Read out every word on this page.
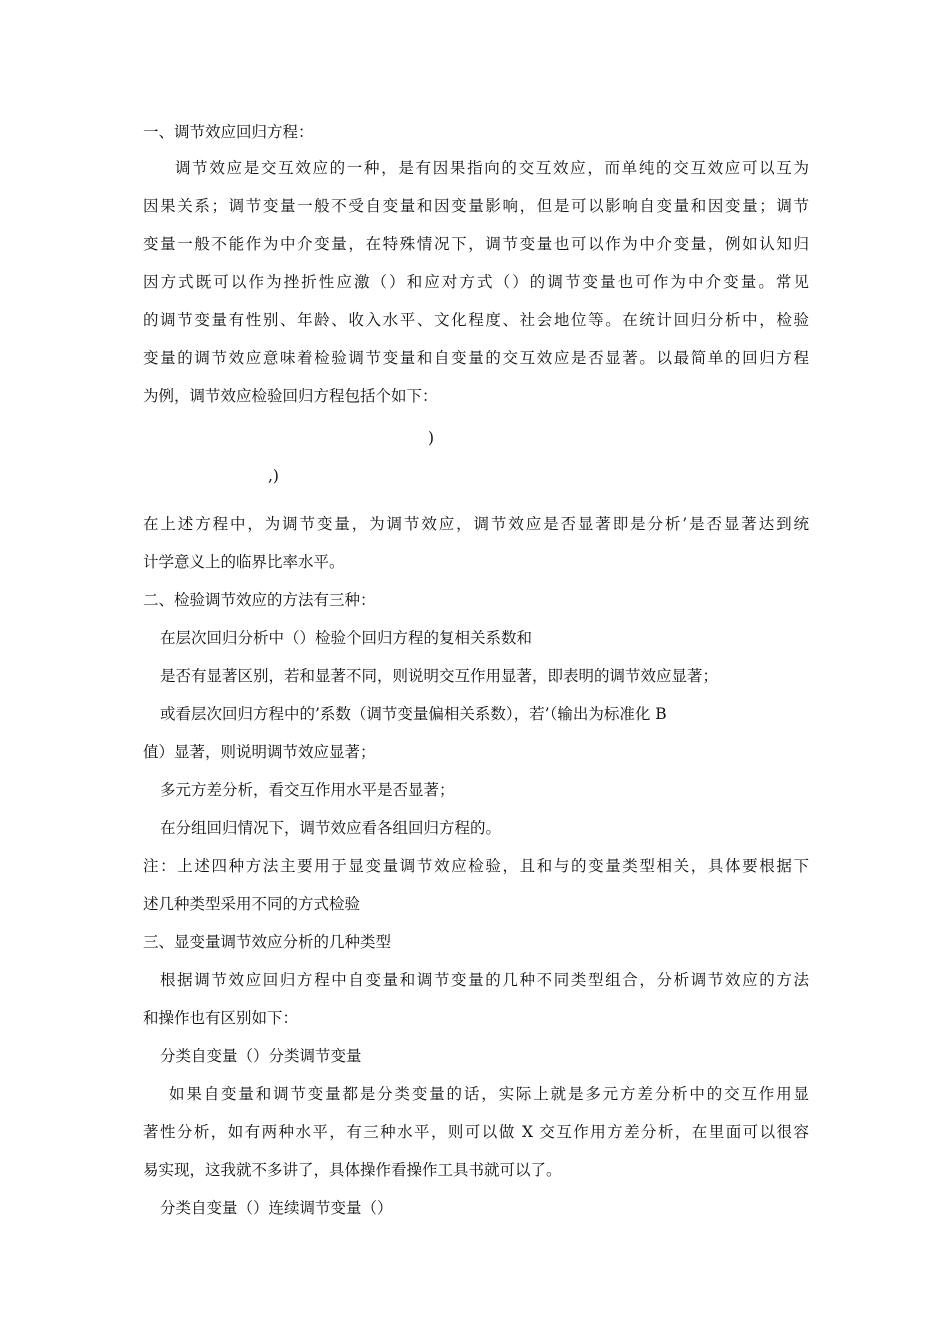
一、调节效应回归方程：
调节效应是交互效应的一种，是有因果指向的交互效应，而单纯的交互效应可以互为
因果关系；调节变量一般不受自变量和因变量影响，但是可以影响自变量和因变量；调节
变量一般不能作为中介变量，在特殊情况下，调节变量也可以作为中介变量，例如认知归
因方式既可以作为挫折性应激（）和应对方式（）的调节变量也可作为中介变量。常见
的调节变量有性别、年龄、收入水平、文化程度、社会地位等。在统计回归分析中，检验
变量的调节效应意味着检验调节变量和自变量的交互效应是否显著。以最简单的回归方程
为例，调节效应检验回归方程包括个如下：
)
,)
在上述方程中，为调节变量，为调节效应，调节效应是否显著即是分析’是否显著达到统
计学意义上的临界比率水平。
二、检验调节效应的方法有三种：
在层次回归分析中（）检验个回归方程的复相关系数和
是否有显著区别，若和显著不同，则说明交互作用显著，即表明的调节效应显著；
或看层次回归方程中的’系数（调节变量偏相关系数），若’（输出为标准化 B
值）显著，则说明调节效应显著；
多元方差分析，看交互作用水平是否显著；
在分组回归情况下，调节效应看各组回归方程的。
注：上述四种方法主要用于显变量调节效应检验，且和与的变量类型相关，具体要根据下
述几种类型采用不同的方式检验
三、显变量调节效应分析的几种类型
根据调节效应回归方程中自变量和调节变量的几种不同类型组合，分析调节效应的方法
和操作也有区别如下：
分类自变量（）分类调节变量
如果自变量和调节变量都是分类变量的话，实际上就是多元方差分析中的交互作用显
著性分析，如有两种水平，有三种水平，则可以做 X 交互作用方差分析，在里面可以很容
易实现，这我就不多讲了，具体操作看操作工具书就可以了。
分类自变量（）连续调节变量（）
